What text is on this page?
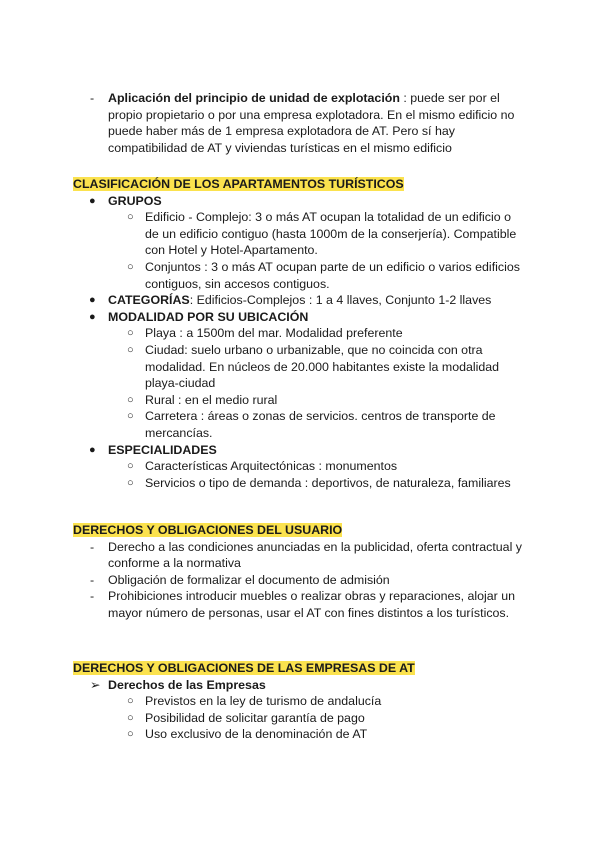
-	Aplicación del principio de unidad de explotación : puede ser por el propio propietario o por una empresa explotadora. En el mismo edificio no puede haber más de 1 empresa explotadora de AT. Pero sí hay compatibilidad de AT y viviendas turísticas en el mismo edificio
CLASIFICACIÓN DE LOS APARTAMENTOS TURÍSTICOS
● GRUPOS
○ Edificio - Complejo: 3 o más AT ocupan la totalidad de un edificio o de un edificio contiguo (hasta 1000m de la conserjería). Compatible con Hotel y Hotel-Apartamento.
○ Conjuntos : 3 o más AT ocupan parte de un edificio o varios edificios contiguos, sin accesos contiguos.
● CATEGORÍAS: Edificios-Complejos : 1 a 4 llaves, Conjunto 1-2 llaves
● MODALIDAD POR SU UBICACIÓN
○ Playa : a 1500m del mar. Modalidad preferente
○ Ciudad: suelo urbano o urbanizable, que no coincida con otra modalidad. En núcleos de 20.000 habitantes existe la modalidad playa-ciudad
○ Rural : en el medio rural
○ Carretera : áreas o zonas de servicios. centros de transporte de mercancías.
● ESPECIALIDADES
○ Características Arquitectónicas : monumentos
○ Servicios o tipo de demanda : deportivos, de naturaleza, familiares
DERECHOS Y OBLIGACIONES DEL USUARIO
-	Derecho a las condiciones anunciadas en la publicidad, oferta contractual y conforme a la normativa
-	Obligación de formalizar el documento de admisión
-	Prohibiciones introducir muebles o realizar obras y reparaciones, alojar un mayor número de personas, usar el AT con fines distintos a los turísticos.
DERECHOS Y OBLIGACIONES DE LAS EMPRESAS DE AT
➢ Derechos de las Empresas
○ Previstos en la ley de turismo de andalucía
○ Posibilidad de solicitar garantía de pago
○ Uso exclusivo de la denominación de AT
